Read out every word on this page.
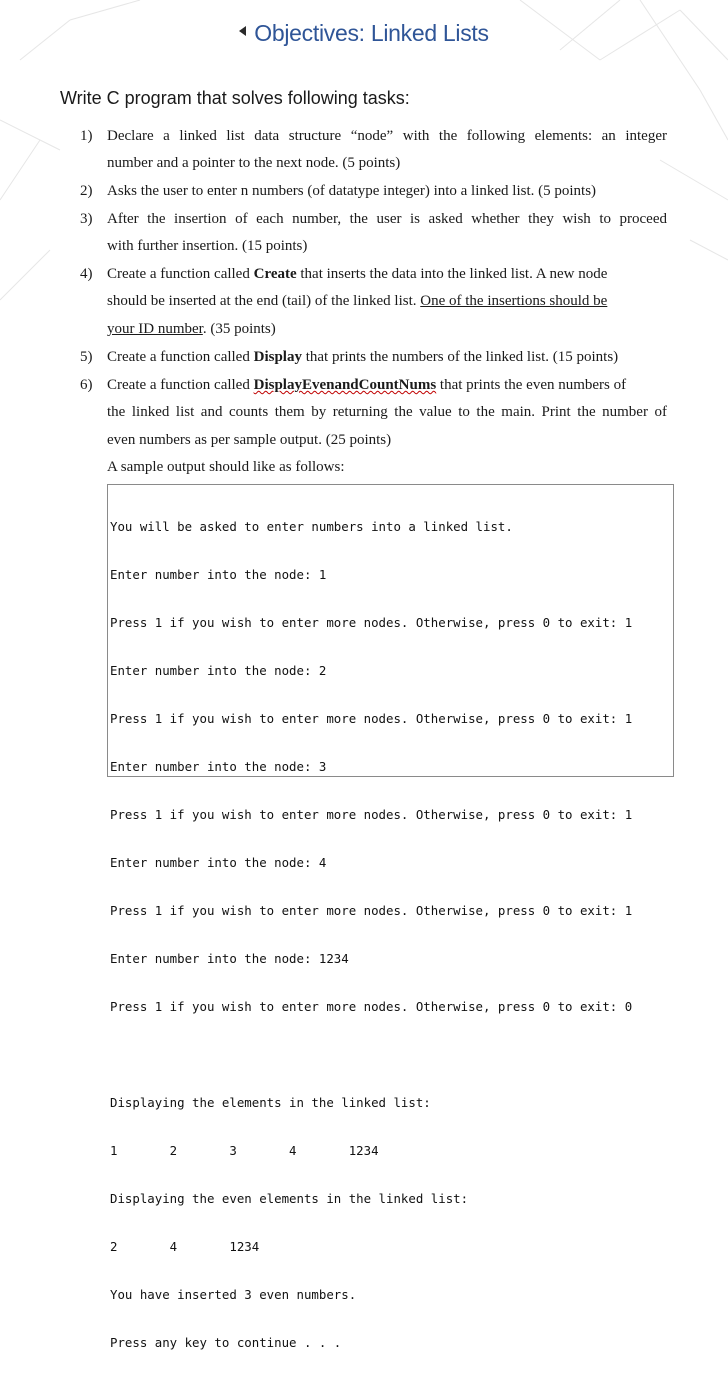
Objectives: Linked Lists
Write C program that solves following tasks:
1) Declare a linked list data structure “node” with the following elements: an integer
number and a pointer to the next node. (5 points)
2) Asks the user to enter n numbers (of datatype integer) into a linked list. (5 points)
3) After the insertion of each number, the user is asked whether they wish to proceed
with further insertion. (15 points)
4) Create a function called Create that inserts the data into the linked list. A new node
should be inserted at the end (tail) of the linked list. One of the insertions should be
your ID number. (35 points)
5) Create a function called Display that prints the numbers of the linked list. (15 points)
6) Create a function called DisplayEvenandCountNums that prints the even numbers of
the linked list and counts them by returning the value to the main. Print the number of
even numbers as per sample output. (25 points)
A sample output should like as follows:

You will be asked to enter numbers into a linked list.

Enter number into the node: 1

Press 1 if you wish to enter more nodes. Otherwise, press 0 to exit: 1

Enter number into the node: 2

Press 1 if you wish to enter more nodes. Otherwise, press 0 to exit: 1

Enter number into the node: 3

Press 1 if you wish to enter more nodes. Otherwise, press 0 to exit: 1

Enter number into the node: 4

Press 1 if you wish to enter more nodes. Otherwise, press 0 to exit: 1

Enter number into the node: 1234

Press 1 if you wish to enter more nodes. Otherwise, press 0 to exit: 0

Displaying the elements in the linked list:

1       2       3       4       1234

Displaying the even elements in the linked list:

2       4       1234

You have inserted 3 even numbers.

Press any key to continue . . .
